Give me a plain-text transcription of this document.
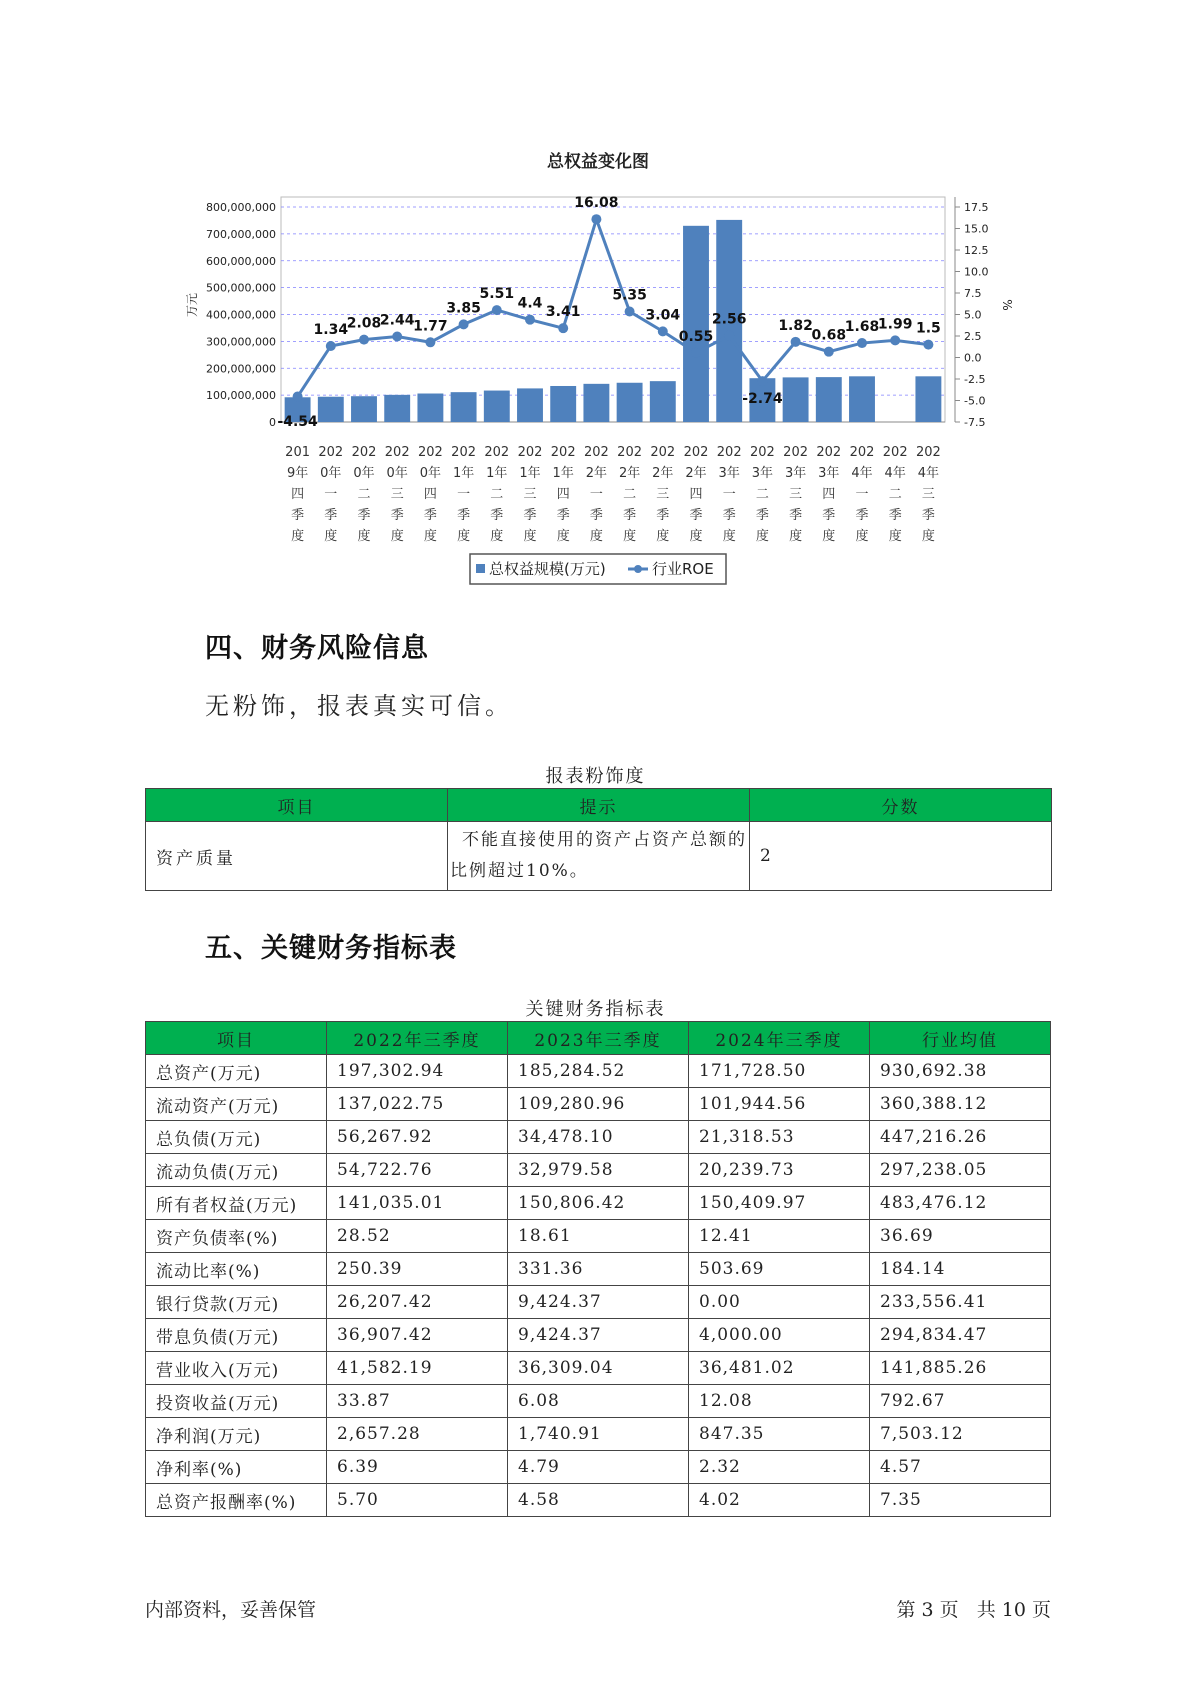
总权益变化图
800,000,000
700,000,000
600,000,000
500,000,000
400,000,000
300,000,000
200,000,000
100,000,000
0
17.5
15.0
12.5
10.0
7.5
5.0
2.5
0.0
-2.5
-5.0
-7.5
万元	%
-4.54
1.34
2.08
2.44
1.77
3.85
5.51
4.4
3.41
16.08
5.35
3.04
0.55
2.56
-2.74
1.82
0.68
1.68
1.99 1.5
201
9年
四
季
度
202
0年
一
季
度
202
0年
二
季
度
202
0年
三
季
度
202
0年
四
季
度
202
1年
一
季
度
202
1年
二
季
度
202
1年
三
季
度
202
1年
四
季
度
202
2年
一
季
度
202
2年
二
季
度
202
2年
三
季
度
202
2年
四
季
度
202
3年
一
季
度
202
3年
二
季
度
202
3年
三
季
度
202
3年
四
季
度
202
4年
一
季
度
202
4年
二
季
度
202
4年
三
季
度
总权益规模(万元)	行业ROE
四、财务风险信息

无粉饰，报表真实可信。

报表粉饰度
项目	提示	分数
资产质量	不能直接使用的资产占资产总额的比例超过10%。	2
五、关键财务指标表
关键财务指标表
项目	2022年三季度	2023年三季度	2024年三季度	行业均值
总资产(万元)	197,302.94	185,284.52	171,728.50	930,692.38
流动资产(万元)	137,022.75	109,280.96	101,944.56	360,388.12
总负债(万元)	56,267.92	34,478.10	21,318.53	447,216.26
流动负债(万元)	54,722.76	32,979.58	20,239.73	297,238.05
所有者权益(万元)	141,035.01	150,806.42	150,409.97	483,476.12
资产负债率(%)	28.52	18.61	12.41	36.69
流动比率(%)	250.39	331.36	503.69	184.14
银行贷款(万元)	26,207.42	9,424.37	0.00	233,556.41
带息负债(万元)	36,907.42	9,424.37	4,000.00	294,834.47
营业收入(万元)	41,582.19	36,309.04	36,481.02	141,885.26
投资收益(万元)	33.87	6.08	12.08	792.67
净利润(万元)	2,657.28	1,740.91	847.35	7,503.12
净利率(%)	6.39	4.79	2.32	4.57
总资产报酬率(%)	5.70	4.58	4.02	7.35
内部资料，妥善保管	第 3 页   共 10 页
